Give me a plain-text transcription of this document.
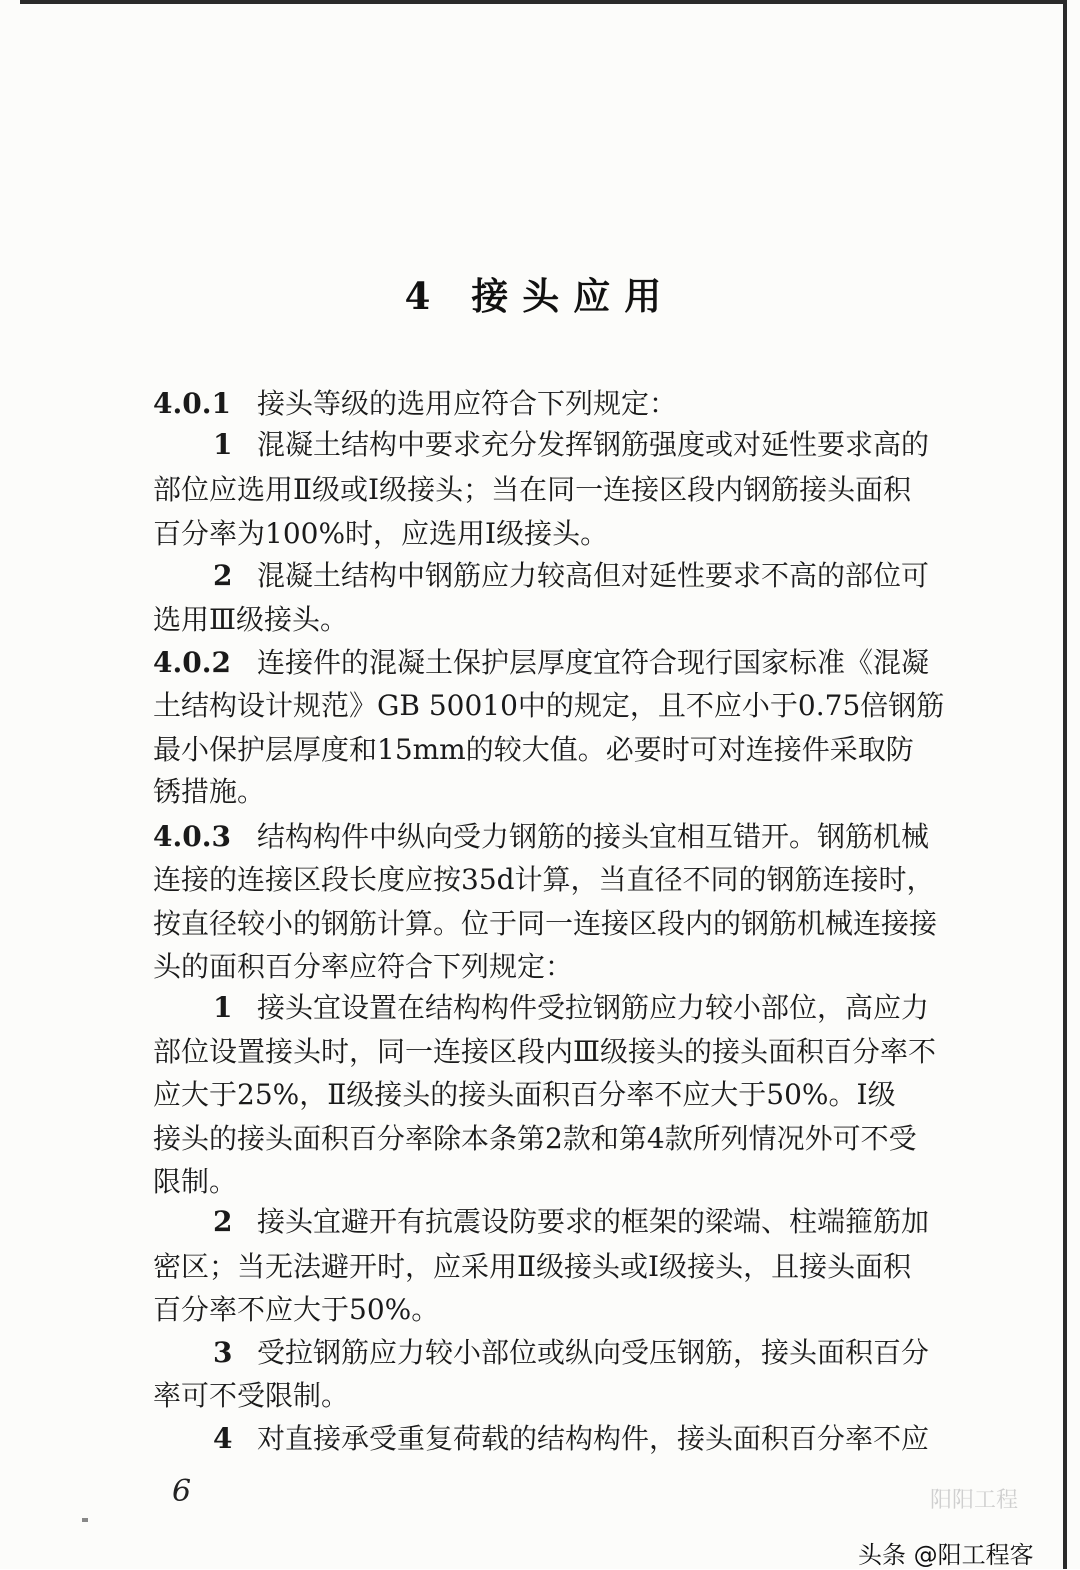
4 接头应用
4.0.1 接头等级的选用应符合下列规定：
1 混凝土结构中要求充分发挥钢筋强度或对延性要求高的
部位应选用Ⅱ级或Ⅰ级接头；当在同一连接区段内钢筋接头面积
百分率为100%时，应选用Ⅰ级接头。
2 混凝土结构中钢筋应力较高但对延性要求不高的部位可
选用Ⅲ级接头。
4.0.2 连接件的混凝土保护层厚度宜符合现行国家标准《混凝
土结构设计规范》GB 50010中的规定，且不应小于0.75倍钢筋
最小保护层厚度和15mm的较大值。必要时可对连接件采取防
锈措施。
4.0.3 结构构件中纵向受力钢筋的接头宜相互错开。钢筋机械
连接的连接区段长度应按35d计算，当直径不同的钢筋连接时，
按直径较小的钢筋计算。位于同一连接区段内的钢筋机械连接接
头的面积百分率应符合下列规定：
1 接头宜设置在结构构件受拉钢筋应力较小部位，高应力
部位设置接头时，同一连接区段内Ⅲ级接头的接头面积百分率不
应大于25%，Ⅱ级接头的接头面积百分率不应大于50%。Ⅰ级
接头的接头面积百分率除本条第2款和第4款所列情况外可不受
限制。
2 接头宜避开有抗震设防要求的框架的梁端、柱端箍筋加
密区；当无法避开时，应采用Ⅱ级接头或Ⅰ级接头，且接头面积
百分率不应大于50%。
3 受拉钢筋应力较小部位或纵向受压钢筋，接头面积百分
率可不受限制。
4 对直接承受重复荷载的结构构件，接头面积百分率不应
6	阳阳工程
头条 @阳工程客
